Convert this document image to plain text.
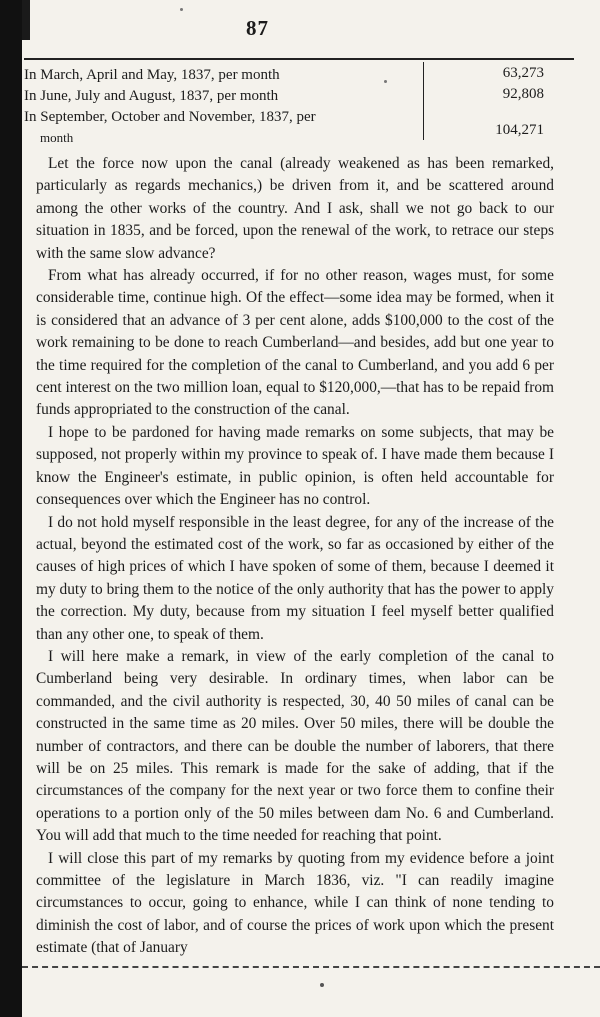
87
In March, April and May, 1837, per month	63,273
In June, July and August, 1837, per month	92,808
In September, October and November, 1837, per
month	104,271

Let the force now upon the canal (already weakened as has been remarked, particularly as regards mechanics,) be driven from it, and be scattered around among the other works of the country. And I ask, shall we not go back to our situation in 1835, and be forced, upon the renewal of the work, to retrace our steps with the same slow advance?

From what has already occurred, if for no other reason, wages must, for some considerable time, continue high. Of the effect—some idea may be formed, when it is considered that an advance of 3 per cent alone, adds $100,000 to the cost of the work remaining to be done to reach Cumberland—and besides, add but one year to the time required for the completion of the canal to Cumberland, and you add 6 per cent interest on the two million loan, equal to $120,000,—that has to be repaid from funds appropriated to the construction of the canal.

I hope to be pardoned for having made remarks on some subjects, that may be supposed, not properly within my province to speak of. I have made them because I know the Engineer's estimate, in public opinion, is often held accountable for consequences over which the Engineer has no control.

I do not hold myself responsible in the least degree, for any of the increase of the actual, beyond the estimated cost of the work, so far as occasioned by either of the causes of high prices of which I have spoken of some of them, because I deemed it my duty to bring them to the notice of the only authority that has the power to apply the correction. My duty, because from my situation I feel myself better qualified than any other one, to speak of them.

I will here make a remark, in view of the early completion of the canal to Cumberland being very desirable. In ordinary times, when labor can be commanded, and the civil authority is respected, 30, 40 50 miles of canal can be constructed in the same time as 20 miles. Over 50 miles, there will be double the number of contractors, and there can be double the number of laborers, that there will be on 25 miles. This remark is made for the sake of adding, that if the circumstances of the company for the next year or two force them to confine their operations to a portion only of the 50 miles between dam No. 6 and Cumberland. You will add that much to the time needed for reaching that point.

I will close this part of my remarks by quoting from my evidence before a joint committee of the legislature in March 1836, viz. "I can readily imagine circumstances to occur, going to enhance, while I can think of none tending to diminish the cost of labor, and of course the prices of work upon which the present estimate (that of January
